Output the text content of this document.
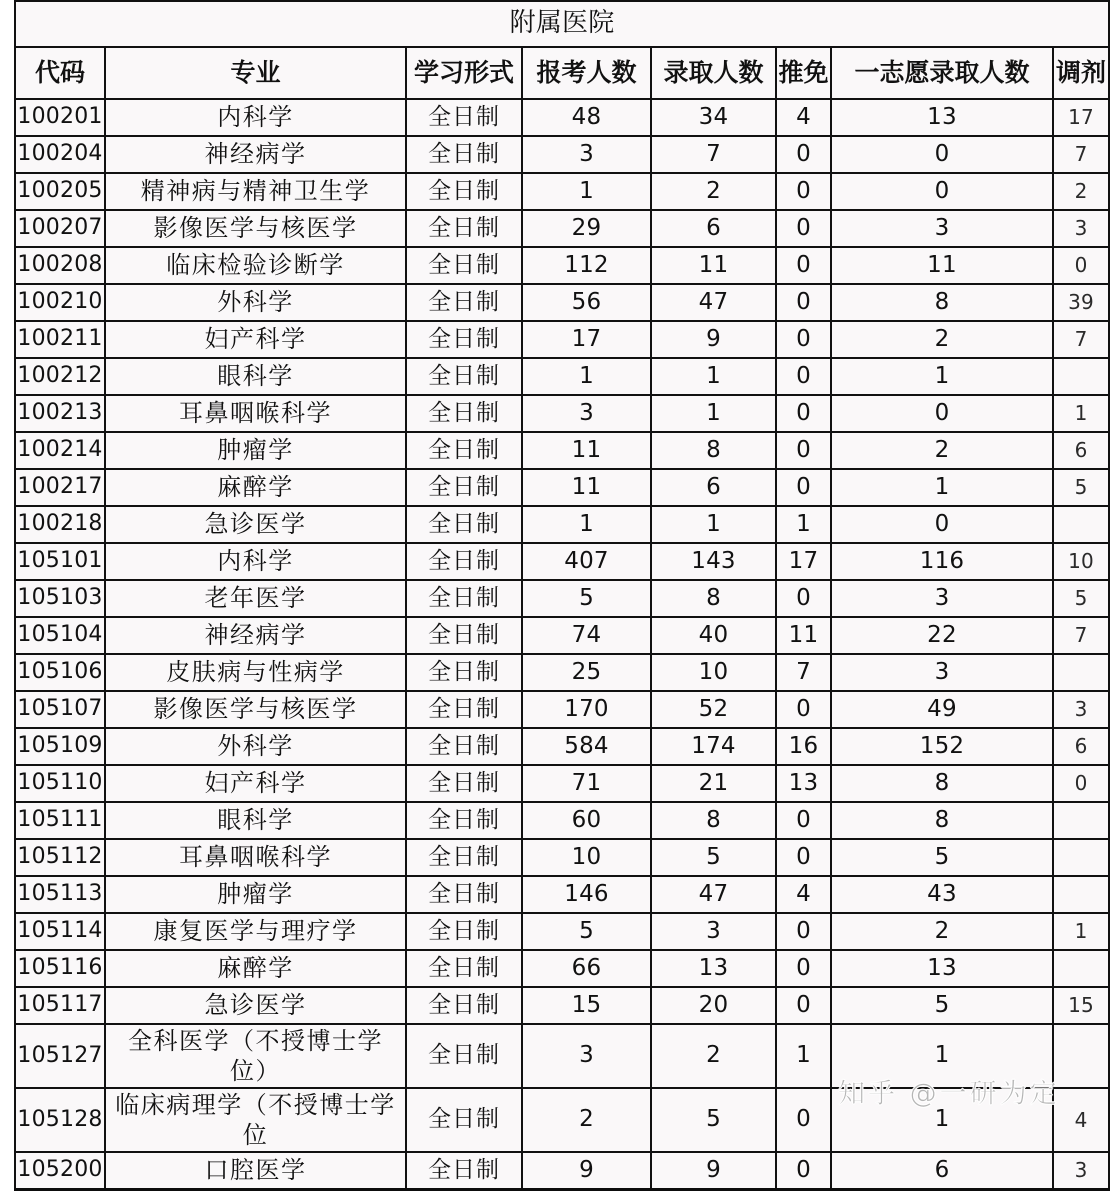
附属医院							
代码	专业	学习形式	报考人数	录取人数	推免	一志愿录取人数	调剂
100201	内科学	全日制	48	34	4	13	17
100204	神经病学	全日制	3	7	0	0	7
100205	精神病与精神卫生学	全日制	1	2	0	0	2
100207	影像医学与核医学	全日制	29	6	0	3	3
100208	临床检验诊断学	全日制	112	11	0	11	0
100210	外科学	全日制	56	47	0	8	39
100211	妇产科学	全日制	17	9	0	2	7
100212	眼科学	全日制	1	1	0	1	
100213	耳鼻咽喉科学	全日制	3	1	0	0	1
100214	肿瘤学	全日制	11	8	0	2	6
100217	麻醉学	全日制	11	6	0	1	5
100218	急诊医学	全日制	1	1	1	0	
105101	内科学	全日制	407	143	17	116	10
105103	老年医学	全日制	5	8	0	3	5
105104	神经病学	全日制	74	40	11	22	7
105106	皮肤病与性病学	全日制	25	10	7	3	
105107	影像医学与核医学	全日制	170	52	0	49	3
105109	外科学	全日制	584	174	16	152	6
105110	妇产科学	全日制	71	21	13	8	0
105111	眼科学	全日制	60	8	0	8	
105112	耳鼻咽喉科学	全日制	10	5	0	5	
105113	肿瘤学	全日制	146	47	4	43	
105114	康复医学与理疗学	全日制	5	3	0	2	1
105116	麻醉学	全日制	66	13	0	13	
105117	急诊医学	全日制	15	20	0	5	15
105127	全科医学（不授博士学位）	全日制	3	2	1	1	
105128	临床病理学（不授博士学位	全日制	2	5	0	1	4
105200	口腔医学	全日制	9	9	0	6	3
知乎 @一研为定
